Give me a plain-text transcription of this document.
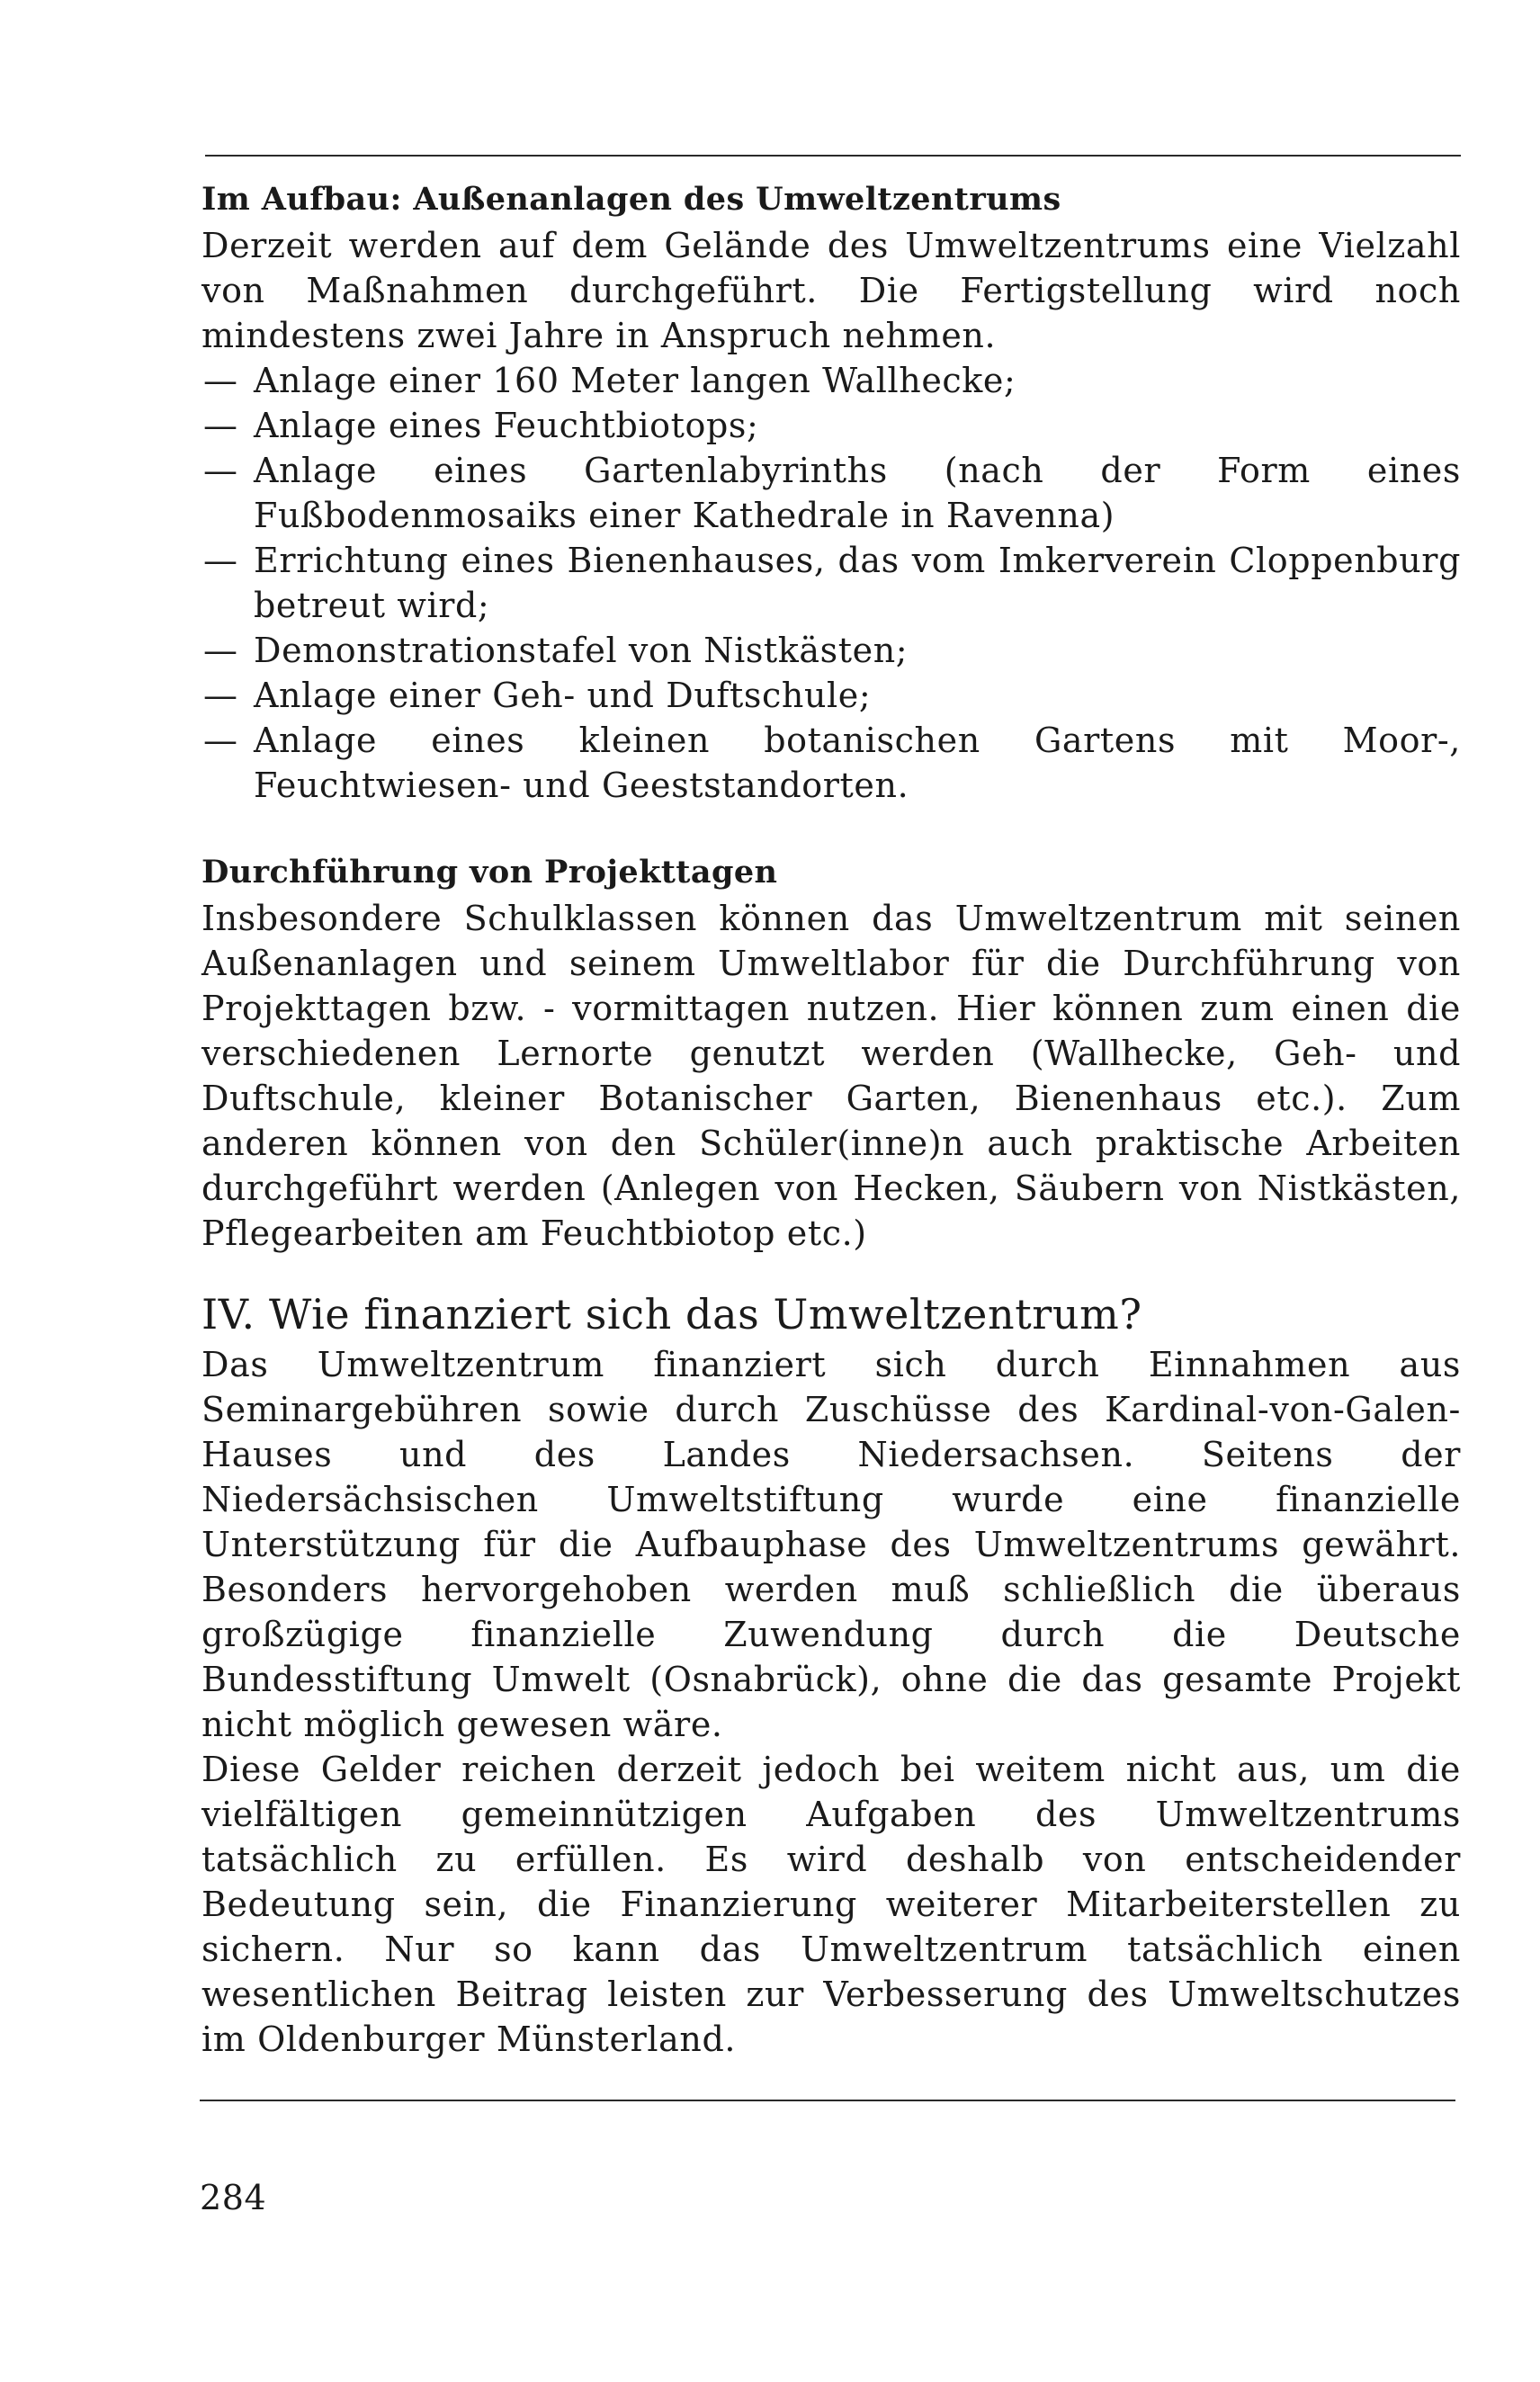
Im Aufbau: Außenanlagen des Umweltzentrums

Derzeit werden auf dem Gelände des Umweltzentrums eine Vielzahl von Maßnahmen durchgeführt. Die Fertigstellung wird noch mindestens zwei Jahre in Anspruch nehmen.

— Anlage einer 160 Meter langen Wallhecke;
— Anlage eines Feuchtbiotops;
— Anlage eines Gartenlabyrinths (nach der Form eines Fußbodenmosaiks einer Kathedrale in Ravenna)
— Errichtung eines Bienenhauses, das vom Imkerverein Cloppenburg betreut wird;
— Demonstrationstafel von Nistkästen;
— Anlage einer Geh- und Duftschule;
— Anlage eines kleinen botanischen Gartens mit Moor-, Feuchtwiesen- und Geeststandorten.

Durchführung von Projekttagen

Insbesondere Schulklassen können das Umweltzentrum mit seinen Außenanlagen und seinem Umweltlabor für die Durchführung von Projekttagen bzw. - vormittagen nutzen. Hier können zum einen die verschiedenen Lernorte genutzt werden (Wallhecke, Geh- und Duftschule, kleiner Botanischer Garten, Bienenhaus etc.). Zum anderen können von den Schüler(inne)n auch praktische Arbeiten durchgeführt werden (Anlegen von Hecken, Säubern von Nistkästen, Pflegearbeiten am Feuchtbiotop etc.)

IV. Wie finanziert sich das Umweltzentrum?

Das Umweltzentrum finanziert sich durch Einnahmen aus Seminargebühren sowie durch Zuschüsse des Kardinal-von-Galen-Hauses und des Landes Niedersachsen. Seitens der Niedersächsischen Umweltstiftung wurde eine finanzielle Unterstützung für die Aufbauphase des Umweltzentrums gewährt. Besonders hervorgehoben werden muß schließlich die überaus großzügige finanzielle Zuwendung durch die Deutsche Bundesstiftung Umwelt (Osnabrück), ohne die das gesamte Projekt nicht möglich gewesen wäre.

Diese Gelder reichen derzeit jedoch bei weitem nicht aus, um die vielfältigen gemeinnützigen Aufgaben des Umweltzentrums tatsächlich zu erfüllen. Es wird deshalb von entscheidender Bedeutung sein, die Finanzierung weiterer Mitarbeiterstellen zu sichern. Nur so kann das Umweltzentrum tatsächlich einen wesentlichen Beitrag leisten zur Verbesserung des Umweltschutzes im Oldenburger Münsterland.

284
